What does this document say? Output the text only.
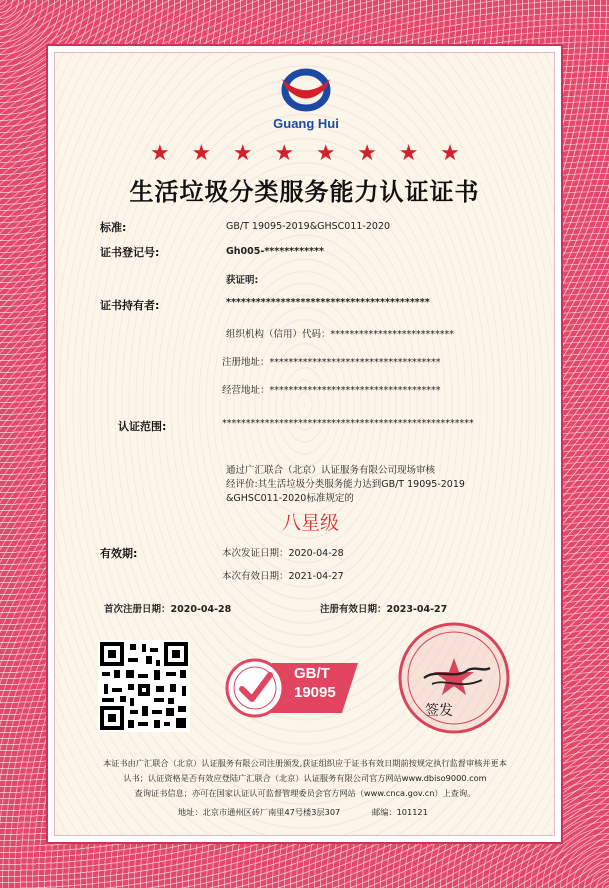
Guang Hui
★ ★ ★ ★ ★ ★ ★ ★
生活垃圾分类服务能力认证证书
标准:	GB/T 19095-2019&GHSC011-2020
证书登记号:	Gh005-************
获证明:
证书持有者:	*****************************************
组织机构（信用）代码：**************************
注册地址：************************************
经营地址：************************************
认证范围:	*****************************************************
通过广汇联合（北京）认证服务有限公司现场审核
经评价:其生活垃圾分类服务能力达到GB/T 19095-2019
&GHSC011-2020标准规定的
八星级
有效期:	本次发证日期：2020-04-28
本次有效日期：2021-04-27
首次注册日期：2020-04-28	注册有效日期：2023-04-27
GB/T
19095
签发
本证书由广汇联合（北京）认证服务有限公司注册颁发,获证组织应于证书有效日期前按规定执行监督审核并更本
认书；认证资格是否有效应登陆广汇联合（北京）认证服务有限公司官方网站www.dbiso9000.com
查询证书信息；亦可在国家认证认可监督管理委员会官方网站（www.cnca.gov.cn）上查询。
地址：北京市通州区砖厂南里47号楼3层307	邮编：101121
